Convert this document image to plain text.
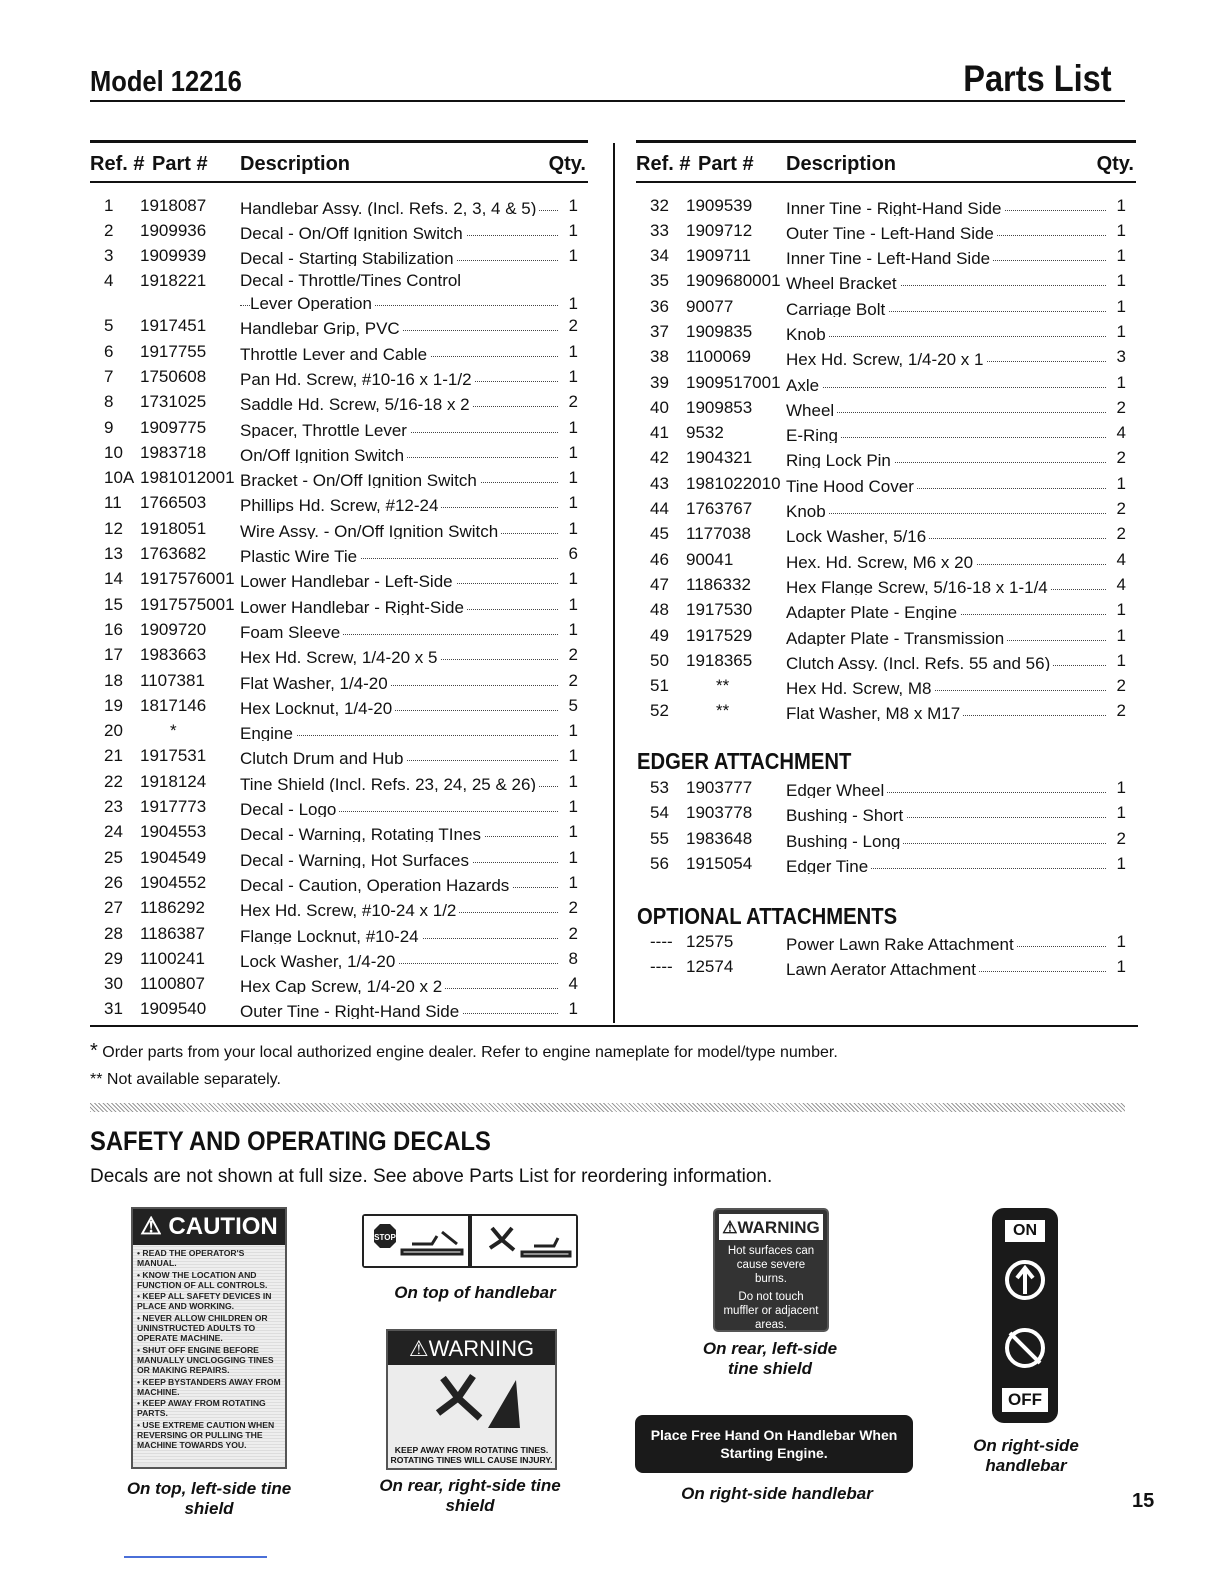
Model 12216	Parts List
Ref. # Part # Description	Qty.
1 1918087 Handlebar Assy. (Incl. Refs. 2, 3, 4 & 5)	1
2 1909936 Decal - On/Off Ignition Switch	1
3 1909939 Decal - Starting Stabilization	1
4 1918221 Decal - Throttle/Tines Control
Lever Operation	1
5 1917451 Handlebar Grip, PVC	2
6 1917755 Throttle Lever and Cable	1
7 1750608 Pan Hd. Screw, #10-16 x 1-1/2	1
8 1731025 Saddle Hd. Screw, 5/16-18 x 2	2
9 1909775 Spacer, Throttle Lever	1
10 1983718 On/Off Ignition Switch	1
10A 1981012001 Bracket - On/Off Ignition Switch	1
11 1766503 Phillips Hd. Screw, #12-24	1
12 1918051 Wire Assy. - On/Off Ignition Switch	1
13 1763682 Plastic Wire Tie	6
14 1917576001 Lower Handlebar - Left-Side	1
15 1917575001 Lower Handlebar - Right-Side	1
16 1909720 Foam Sleeve	1
17 1983663 Hex Hd. Screw, 1/4-20 x 5	2
18 1107381 Flat Washer, 1/4-20	2
19 1817146 Hex Locknut, 1/4-20	5
20	*	Engine	1
21 1917531 Clutch Drum and Hub	1
22 1918124 Tine Shield (Incl. Refs. 23, 24, 25 & 26)	1
23 1917773 Decal - Logo	1
24 1904553 Decal - Warning, Rotating TInes	1
25 1904549 Decal - Warning, Hot Surfaces	1
26 1904552 Decal - Caution, Operation Hazards	1
27 1186292 Hex Hd. Screw, #10-24 x 1/2	2
28 1186387 Flange Locknut, #10-24	2
29 1100241 Lock Washer, 1/4-20	8
30 1100807 Hex Cap Screw, 1/4-20 x 2	4
31 1909540 Outer Tine - Right-Hand Side	1
Ref. # Part # Description	Qty.
32 1909539 Inner Tine - Right-Hand Side	1
33 1909712 Outer Tine - Left-Hand Side	1
34 1909711 Inner Tine - Left-Hand Side	1
35 1909680001 Wheel Bracket	1
36 90077	Carriage Bolt	1
37 1909835 Knob	1
38 1100069 Hex Hd. Screw, 1/4-20 x 1	3
39 1909517001 Axle	1
40 1909853 Wheel	2
41 9532	E-Ring	4
42 1904321 Ring Lock Pin	2
43 1981022010 Tine Hood Cover	1
44 1763767 Knob	2
45 1177038 Lock Washer, 5/16	2
46 90041	Hex. Hd. Screw, M6 x 20	4
47 1186332 Hex Flange Screw, 5/16-18 x 1-1/4	4
48 1917530 Adapter Plate - Engine	1
49 1917529 Adapter Plate - Transmission	1
50 1918365 Clutch Assy. (Incl. Refs. 55 and 56)	1
51	**	Hex Hd. Screw, M8	2
52	**	Flat Washer, M8 x M17	2
EDGER ATTACHMENT
53 1903777 Edger Wheel	1
54 1903778 Bushing - Short	1
55 1983648 Bushing - Long	2
56 1915054 Edger Tine	1
OPTIONAL ATTACHMENTS
---- 12575	Power Lawn Rake Attachment	1
---- 12574	Lawn Aerator Attachment	1
* Order parts from your local authorized engine dealer. Refer to engine nameplate for model/type number.
** Not available separately.
SAFETY AND OPERATING DECALS
Decals are not shown at full size. See above Parts List for reordering information.
⚠ CAUTION
• READ THE OPERATOR'S MANUAL.
• KNOW THE LOCATION AND FUNCTION OF ALL CONTROLS.
• KEEP ALL SAFETY DEVICES IN PLACE AND WORKING.
• NEVER ALLOW CHILDREN OR UNINSTRUCTED ADULTS TO OPERATE MACHINE.
• SHUT OFF ENGINE BEFORE MANUALLY UNCLOGGING TINES OR MAKING REPAIRS.
• KEEP BYSTANDERS AWAY FROM MACHINE.
• KEEP AWAY FROM ROTATING PARTS.
• USE EXTREME CAUTION WHEN REVERSING OR PULLING THE MACHINE TOWARDS YOU.
On top, left-side tine shield
STOP
On top of handlebar
⚠WARNING
KEEP AWAY FROM ROTATING TINES.
ROTATING TINES WILL CAUSE INJURY.
On rear, right-side tine shield
⚠WARNING
Hot surfaces can cause severe burns.
Do not touch muffler or adjacent areas.
On rear, left-side tine shield
Place Free Hand On Handlebar When Starting Engine.
On right-side handlebar
ON
OFF
On right-side handlebar
15
